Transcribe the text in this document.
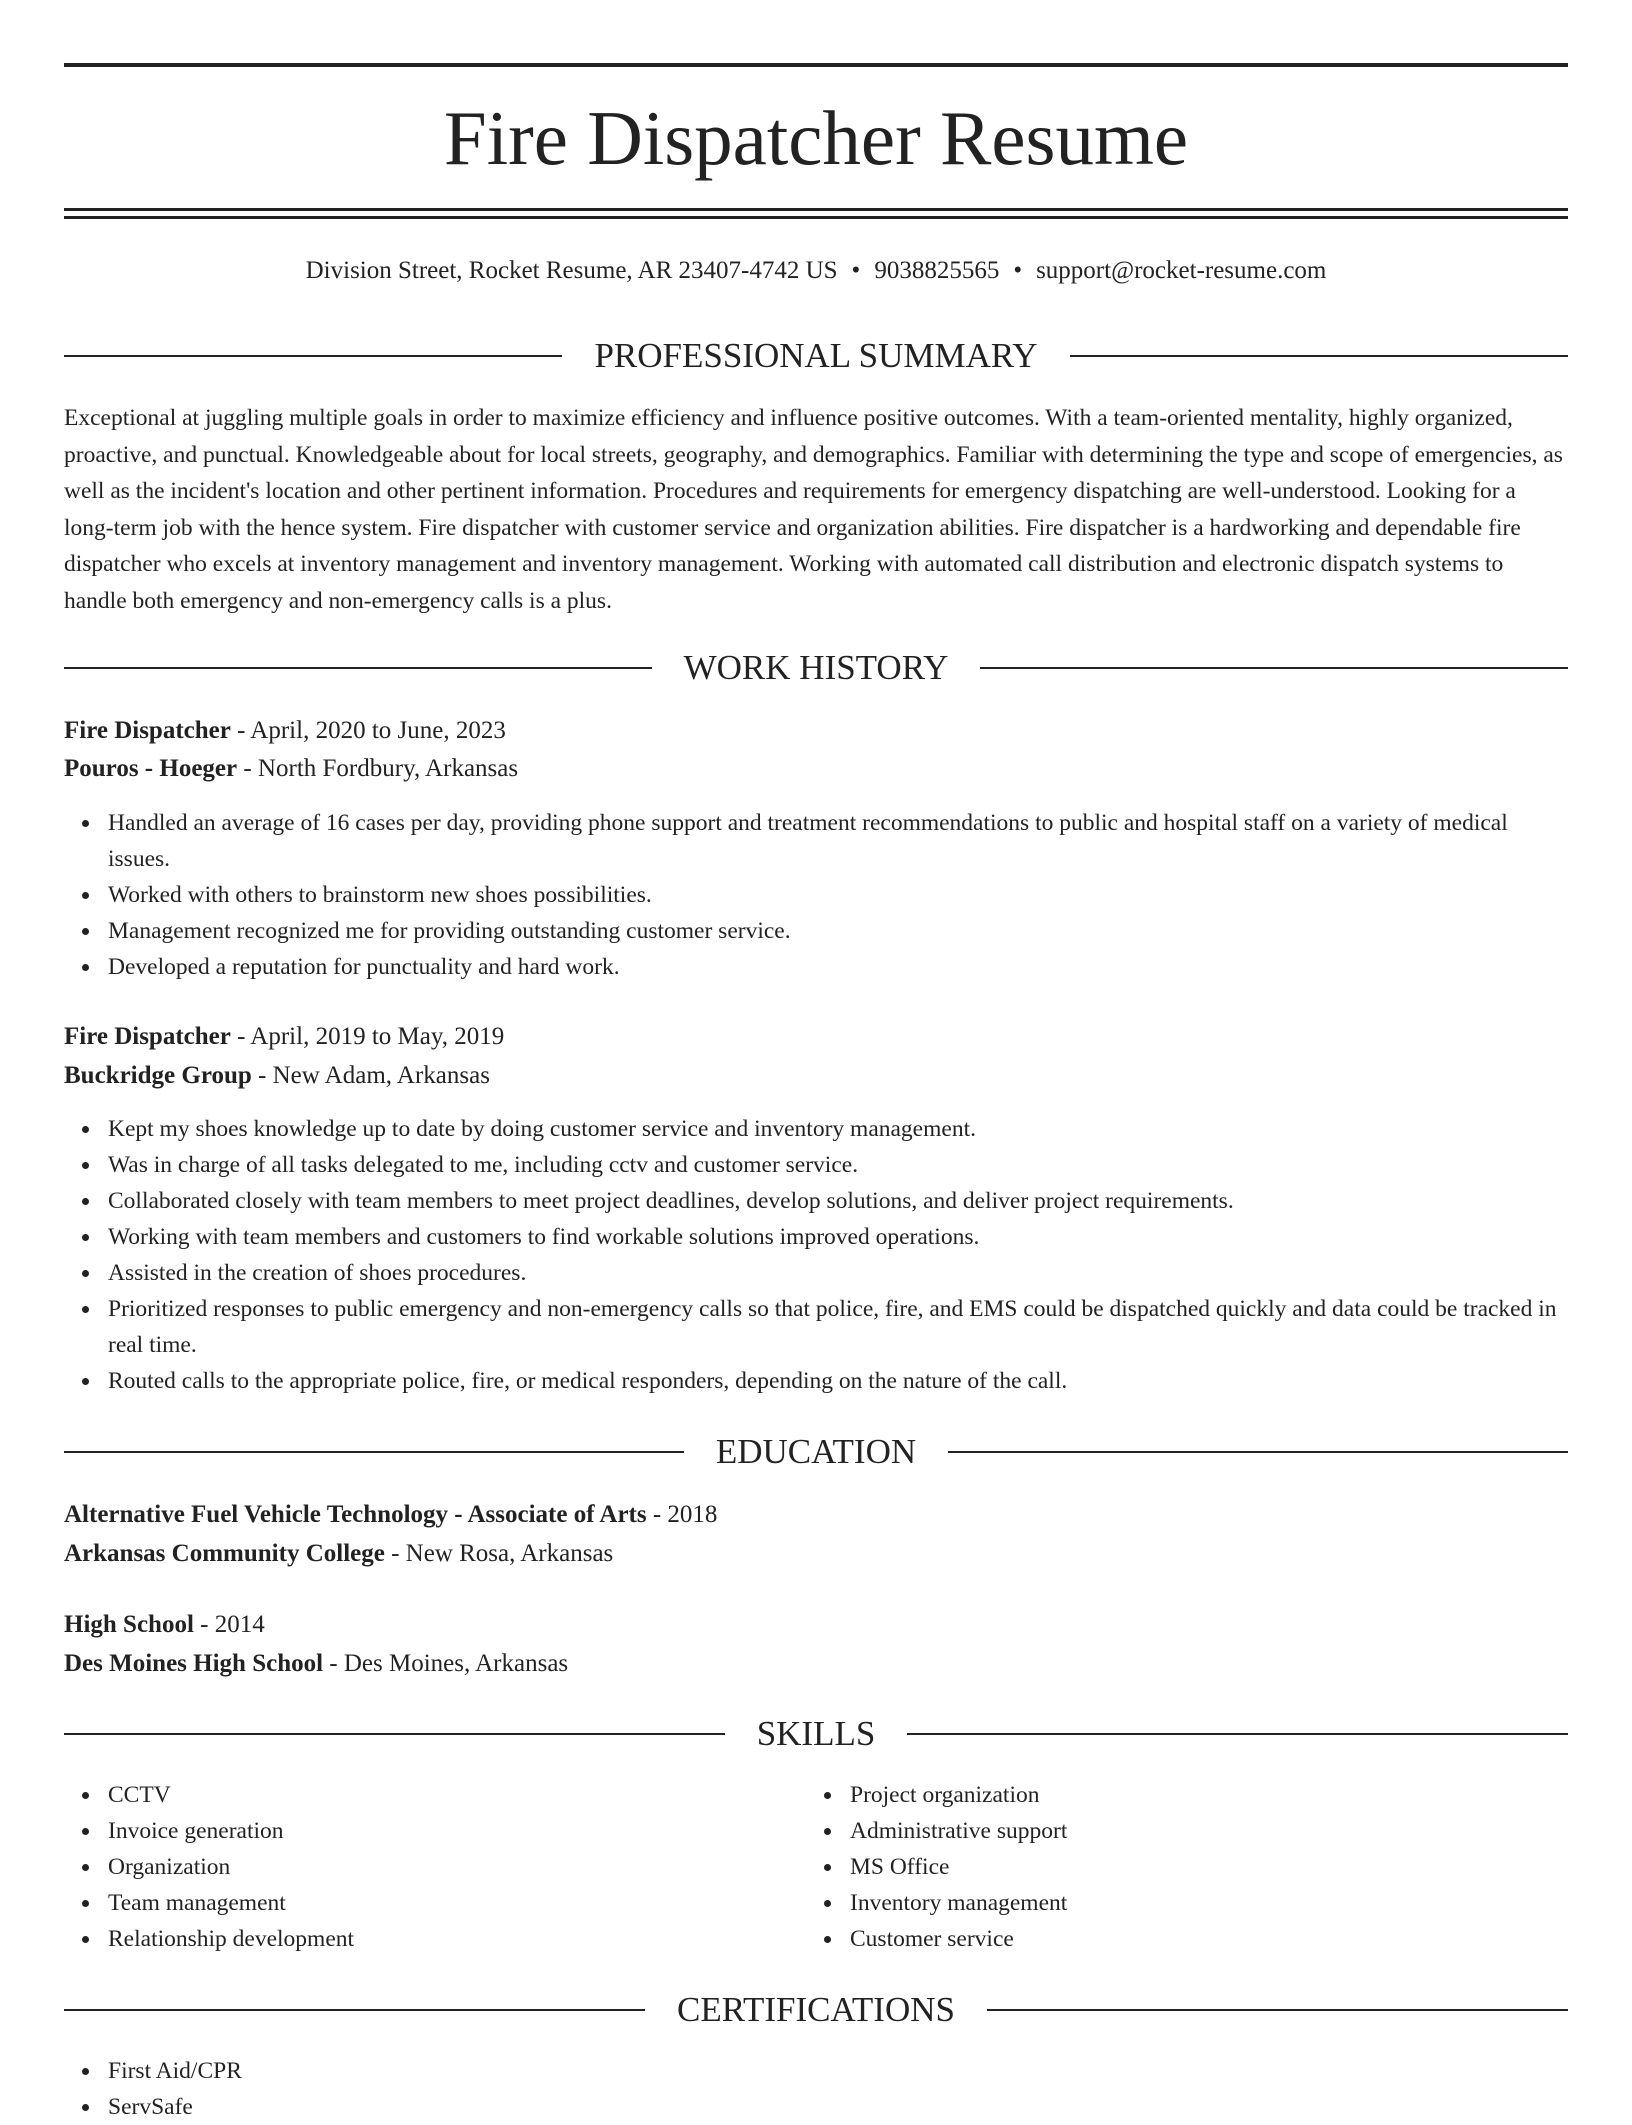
Fire Dispatcher Resume
Division Street, Rocket Resume, AR 23407-4742 US • 9038825565 • support@rocket-resume.com
PROFESSIONAL SUMMARY

Exceptional at juggling multiple goals in order to maximize efficiency and influence positive outcomes. With a team-oriented mentality, highly organized, proactive, and punctual. Knowledgeable about for local streets, geography, and demographics. Familiar with determining the type and scope of emergencies, as well as the incident's location and other pertinent information. Procedures and requirements for emergency dispatching are well-understood. Looking for a long-term job with the hence system. Fire dispatcher with customer service and organization abilities. Fire dispatcher is a hardworking and dependable fire dispatcher who excels at inventory management and inventory management. Working with automated call distribution and electronic dispatch systems to handle both emergency and non-emergency calls is a plus.

WORK HISTORY
Fire Dispatcher - April, 2020 to June, 2023
Pouros - Hoeger - North Fordbury, Arkansas
Handled an average of 16 cases per day, providing phone support and treatment recommendations to public and hospital staff on a variety of medical issues.
Worked with others to brainstorm new shoes possibilities.
Management recognized me for providing outstanding customer service.
Developed a reputation for punctuality and hard work.
Fire Dispatcher - April, 2019 to May, 2019
Buckridge Group - New Adam, Arkansas
Kept my shoes knowledge up to date by doing customer service and inventory management.
Was in charge of all tasks delegated to me, including cctv and customer service.
Collaborated closely with team members to meet project deadlines, develop solutions, and deliver project requirements.
Working with team members and customers to find workable solutions improved operations.
Assisted in the creation of shoes procedures.
Prioritized responses to public emergency and non-emergency calls so that police, fire, and EMS could be dispatched quickly and data could be tracked in real time.
Routed calls to the appropriate police, fire, or medical responders, depending on the nature of the call.
EDUCATION
Alternative Fuel Vehicle Technology - Associate of Arts - 2018
Arkansas Community College - New Rosa, Arkansas
High School - 2014
Des Moines High School - Des Moines, Arkansas
SKILLS
CCTV
Invoice generation
Organization
Team management
Relationship development
Project organization
Administrative support
MS Office
Inventory management
Customer service
CERTIFICATIONS
First Aid/CPR
ServSafe
